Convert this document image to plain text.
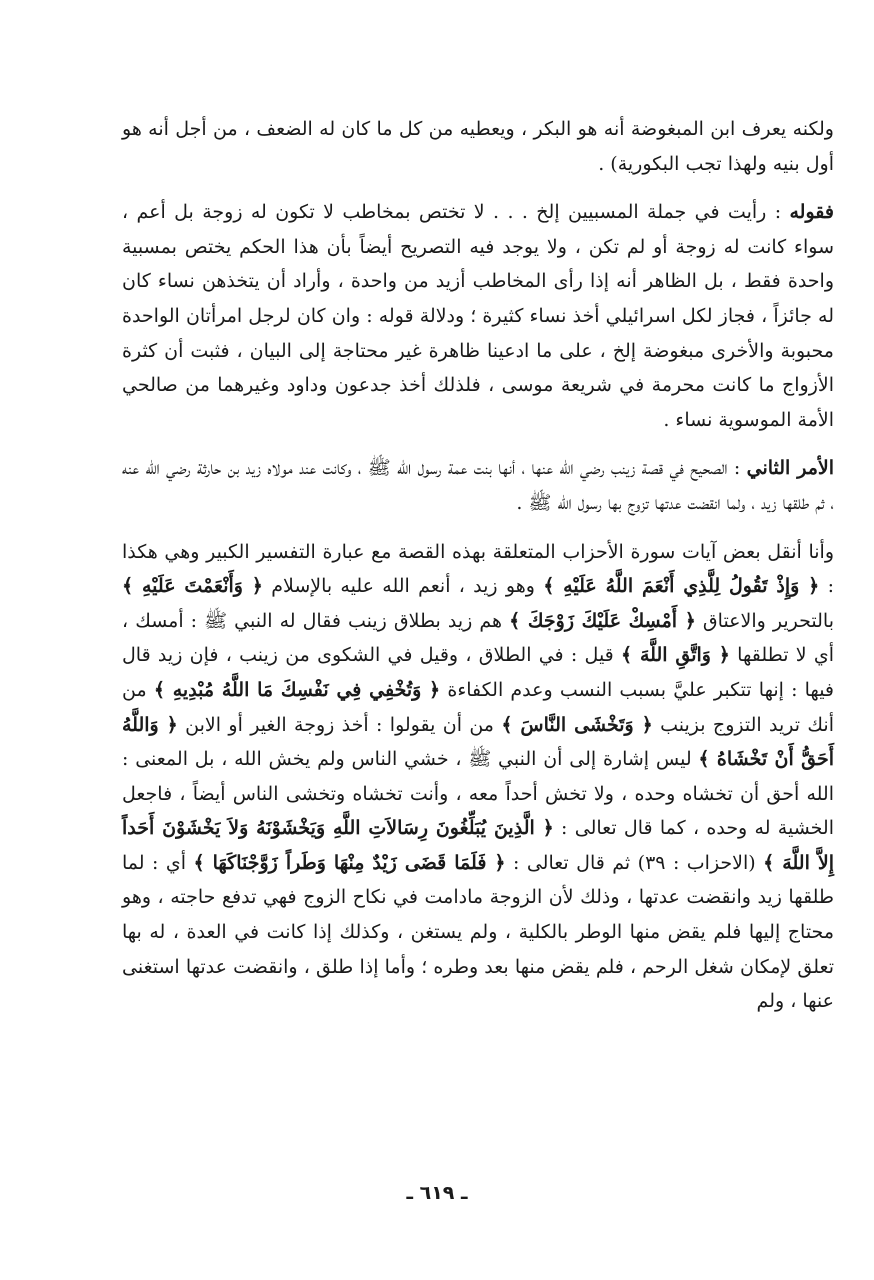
ولكنه يعرف ابن المبغوضة أنه هو البكر ، ويعطيه من كل ما كان له الضعف ، من أجل أنه هو أول بنيه ولهذا تجب البكورية) .

فقوله : رأيت في جملة المسبيين إلخ . . . لا تختص بمخاطب لا تكون له زوجة بل أعم ، سواء كانت له زوجة أو لم تكن ، ولا يوجد فيه التصريح أيضاً بأن هذا الحكم يختص بمسبية واحدة فقط ، بل الظاهر أنه إذا رأى المخاطب أزيد من واحدة ، وأراد أن يتخذهن نساء كان له جائزاً ، فجاز لكل اسرائيلي أخذ نساء كثيرة ؛ ودلالة قوله : وان كان لرجل امرأتان الواحدة محبوبة والأخرى مبغوضة إلخ ، على ما ادعينا ظاهرة غير محتاجة إلى البيان ، فثبت أن كثرة الأزواج ما كانت محرمة في شريعة موسى ، فلذلك أخذ جدعون وداود وغيرهما من صالحي الأمة الموسوية نساء .

الأمر الثاني : الصحيح في قصة زينب رضي الله عنها ، أنها بنت عمة رسول الله ﷺ ، وكانت عند مولاه زيد بن حارثة رضي الله عنه ، ثم طلقها زيد ، ولما انقضت عدتها تزوج بها رسول الله ﷺ .

وأنا أنقل بعض آيات سورة الأحزاب المتعلقة بهذه القصة مع عبارة التفسير الكبير وهي هكذا : ﴿ وَإِذْ تَقُولُ لِلَّذِي أَنْعَمَ اللَّهُ عَلَيْهِ ﴾ وهو زيد ، أنعم الله عليه بالإسلام ﴿ وَأَنْعَمْتَ عَلَيْهِ ﴾ بالتحرير والاعتاق ﴿ أَمْسِكْ عَلَيْكَ زَوْجَكَ ﴾ هم زيد بطلاق زينب فقال له النبي ﷺ : أمسك ، أي لا تطلقها ﴿ وَاتَّقِ اللَّهَ ﴾ قيل : في الطلاق ، وقيل في الشكوى من زينب ، فإن زيد قال فيها : إنها تتكبر عليَّ بسبب النسب وعدم الكفاءة ﴿ وَتُخْفِي فِي نَفْسِكَ مَا اللَّهُ مُبْدِيهِ ﴾ من أنك تريد التزوج بزينب ﴿ وَتَخْشَى النَّاسَ ﴾ من أن يقولوا : أخذ زوجة الغير أو الابن ﴿ وَاللَّهُ أَحَقُّ أَنْ تَخْشَاهُ ﴾ ليس إشارة إلى أن النبي ﷺ ، خشي الناس ولم يخش الله ، بل المعنى : الله أحق أن تخشاه وحده ، ولا تخش أحداً معه ، وأنت تخشاه وتخشى الناس أيضاً ، فاجعل الخشية له وحده ، كما قال تعالى : ﴿ الَّذِينَ يُبَلِّغُونَ رِسَالاَتِ اللَّهِ وَيَخْشَوْنَهُ وَلاَ يَخْشَوْنَ أَحَداً إِلاَّ اللَّهَ ﴾ (الاحزاب : ٣٩) ثم قال تعالى : ﴿ فَلَمَا قَضَى زَيْدٌ مِنْهَا وَطَراً زَوَّجْنَاكَهَا ﴾ أي : لما طلقها زيد وانقضت عدتها ، وذلك لأن الزوجة مادامت في نكاح الزوج فهي تدفع حاجته ، وهو محتاج إليها فلم يقض منها الوطر بالكلية ، ولم يستغن ، وكذلك إذا كانت في العدة ، له بها تعلق لإمكان شغل الرحم ، فلم يقض منها بعد وطره ؛ وأما إذا طلق ، وانقضت عدتها استغنى عنها ، ولم

ـ ٦١٩ ـ
